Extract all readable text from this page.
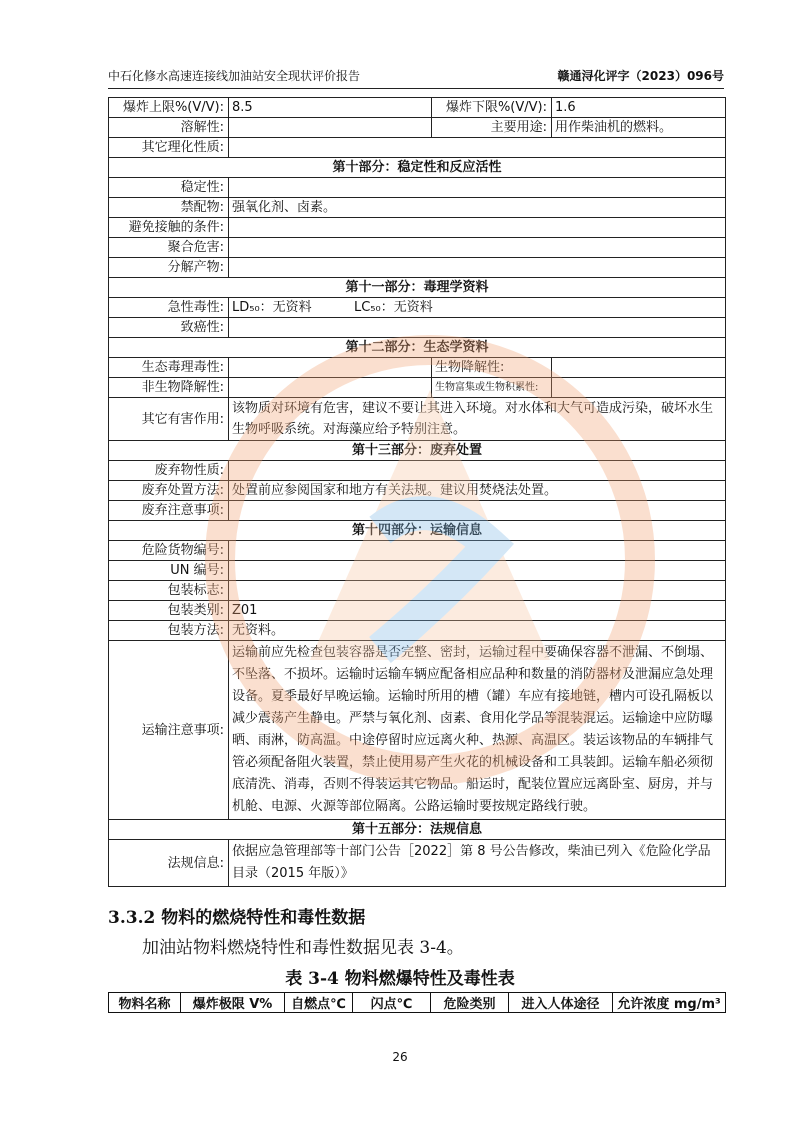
中石化修水高速连接线加油站安全现状评价报告	赣通浔化评字（2023）096号
爆炸上限%(V/V):	8.5	爆炸下限%(V/V):	1.6
溶解性:		主要用途:	用作柴油机的燃料。
其它理化性质:			
第十部分：稳定性和反应活性			
稳定性:			
禁配物:	强氧化剂、卤素。		
避免接触的条件:			
聚合危害:			
分解产物:			
第十一部分：毒理学资料			
急性毒性:	LD₅₀：无资料 LC₅₀：无资料		
致癌性:			
第十二部分：生态学资料			
生态毒理毒性:		生物降解性:	
非生物降解性:		生物富集或生物积累性:	
其它有害作用:	该物质对环境有危害，建议不要让其进入环境。对水体和大气可造成污染，破坏水生生物呼吸系统。对海藻应给予特别注意。		
第十三部分：废弃处置			
废弃物性质:			
废弃处置方法:	处置前应参阅国家和地方有关法规。建议用焚烧法处置。		
废弃注意事项:			
第十四部分：运输信息			
危险货物编号:			
UN 编号:			
包装标志:			
包装类别:	Z01		
包装方法:	无资料。		
运输注意事项:	运输前应先检查包装容器是否完整、密封，运输过程中要确保容器不泄漏、不倒塌、不坠落、不损坏。运输时运输车辆应配备相应品种和数量的消防器材及泄漏应急处理设备。夏季最好早晚运输。运输时所用的槽（罐）车应有接地链，槽内可设孔隔板以减少震荡产生静电。严禁与氧化剂、卤素、食用化学品等混装混运。运输途中应防曝晒、雨淋，防高温。中途停留时应远离火种、热源、高温区。装运该物品的车辆排气管必须配备阻火装置，禁止使用易产生火花的机械设备和工具装卸。运输车船必须彻底清洗、消毒，否则不得装运其它物品。船运时，配装位置应远离卧室、厨房，并与机舱、电源、火源等部位隔离。公路运输时要按规定路线行驶。		
第十五部分：法规信息			
法规信息:	依据应急管理部等十部门公告［2022］第 8 号公告修改，柴油已列入《危险化学品目录（2015 年版）》		
3.3.2 物料的燃烧特性和毒性数据
加油站物料燃烧特性和毒性数据见表 3-4。
表 3-4 物料燃爆特性及毒性表
物料名称	爆炸极限 V%	自燃点℃	闪点℃	危险类别	进入人体途径	允许浓度 mg/m³
26
